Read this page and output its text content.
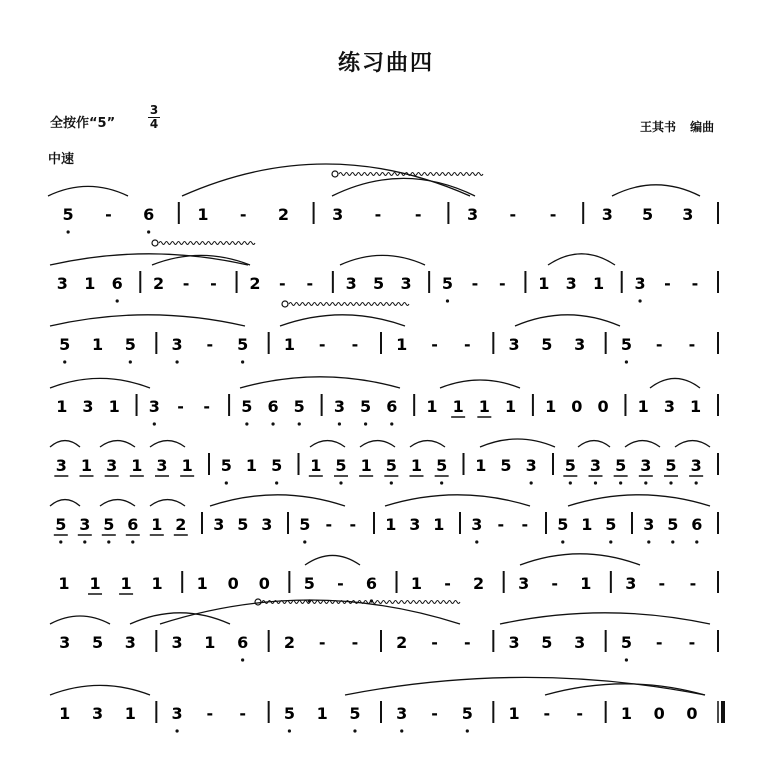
练习曲四
全按作“5”
3
4
中速
王其书 编曲
5 - 6	1 - 2	3 - -	3 - -	3 5 3
3 1 6 2 - - 2 - - 3 5 3 5 - - 1 3 1 3 - -
5 1 5 3 - 5 1 - - 1 - - 3 5 3 5 - -
1 3 1 3 - - 5 6 5 3 5 6 1 1 1 1 1 0 0 1 3 1
3 1 3 1 3 1 5 1 5 1 5 1 5 1 5 1 5 3 5 3 5 3 5 3
5 3 5 6 1 2 3 5 3 5 - - 1 3 1 3 - - 5 1 5 3 5 6
1 1 1 1 1 0 0 5 - 6 1 - 2 3 - 1 3 - -
3 5 3 3 1 6 2 - - 2 - - 3 5 3 5 - -
1 3 1 3 - - 5 1 5 3 - 5 1 - - 1 0 0
